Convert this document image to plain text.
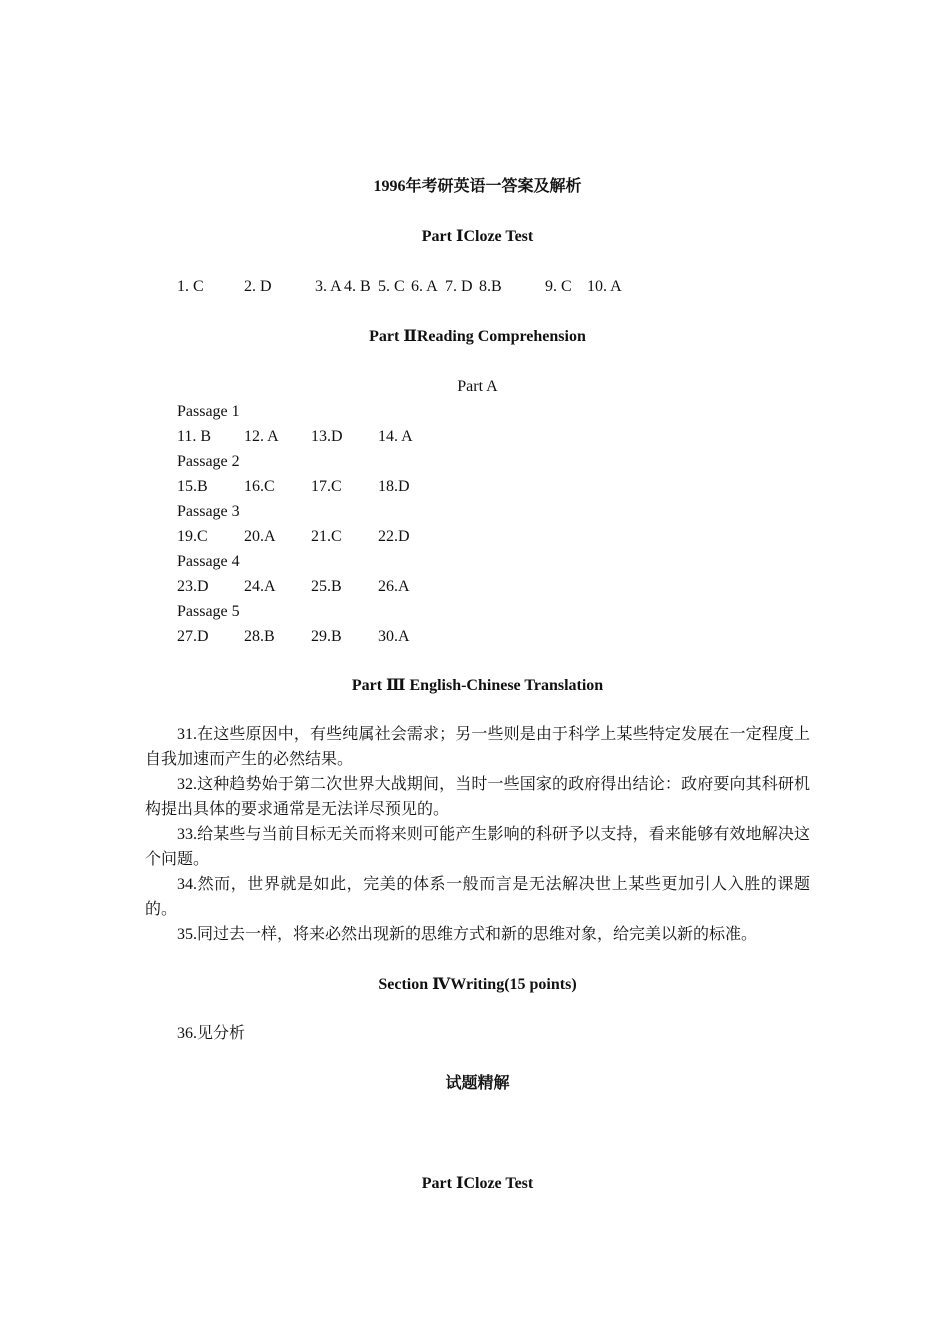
1996年考研英语一答案及解析
Part ⅠCloze Test
1. C	2. D	3. A 4. B 5. C 6. A 7. D 8.B	9. C 10. A
Part ⅡReading Comprehension
Part A
Passage 1
11. B 12. A 13.D 14. A
Passage 2
15.B 16.C 17.C 18.D
Passage 3
19.C 20.A 21.C 22.D
Passage 4
23.D 24.A 25.B 26.A
Passage 5
27.D 28.B 29.B 30.A
Part Ⅲ English-Chinese Translation
31.在这些原因中，有些纯属社会需求；另一些则是由于科学上某些特定发展在一定程度上自我加速而产生的必然结果。
32.这种趋势始于第二次世界大战期间，当时一些国家的政府得出结论：政府要向其科研机构提出具体的要求通常是无法详尽预见的。
33.给某些与当前目标无关而将来则可能产生影响的科研予以支持，看来能够有效地解决这个问题。
34.然而，世界就是如此，完美的体系一般而言是无法解决世上某些更加引人入胜的课题的。
35.同过去一样，将来必然出现新的思维方式和新的思维对象，给完美以新的标准。
Section ⅣWriting(15 points)
36.见分析
试题精解
Part ⅠCloze Test
